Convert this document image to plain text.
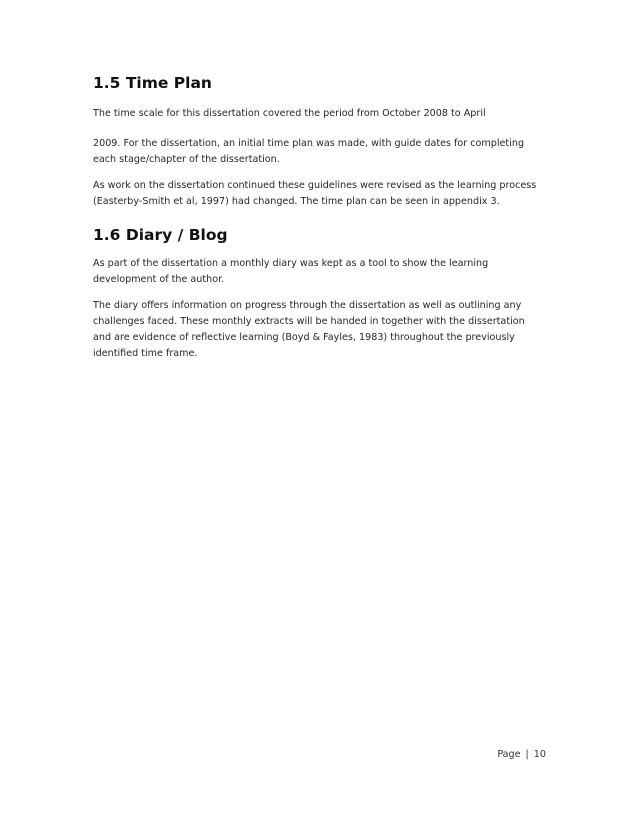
1.5 Time Plan

The time scale for this dissertation covered the period from October 2008 to April

2009. For the dissertation, an initial time plan was made, with guide dates for completing each stage/chapter of the dissertation.

As work on the dissertation continued these guidelines were revised as the learning process (Easterby-Smith et al, 1997) had changed. The time plan can be seen in appendix 3.

1.6 Diary / Blog

As part of the dissertation a monthly diary was kept as a tool to show the learning development of the author.

The diary offers information on progress through the dissertation as well as outlining any challenges faced. These monthly extracts will be handed in together with the dissertation and are evidence of reflective learning (Boyd & Fayles, 1983) throughout the previously identified time frame.

Page | 10
